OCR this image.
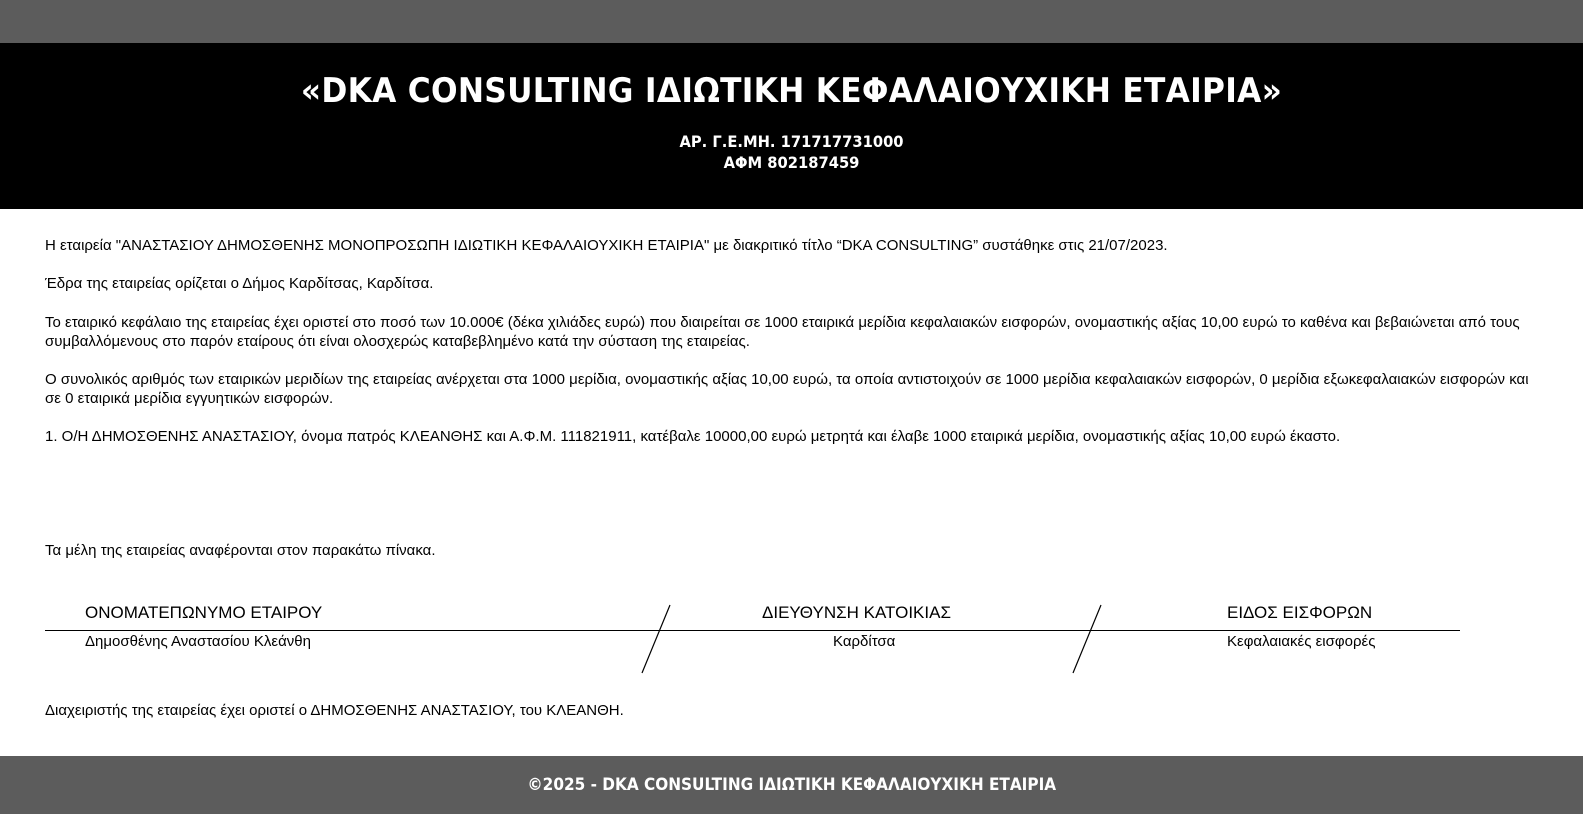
«DKA CONSULTING ΙΔΙΩΤΙΚΗ ΚΕΦΑΛΑΙΟΥΧΙΚΗ ΕΤΑΙΡΙΑ»
ΑΡ. Γ.Ε.ΜΗ. 171717731000
ΑΦΜ 802187459

Η εταιρεία "ΑΝΑΣΤΑΣΙΟΥ ΔΗΜΟΣΘΕΝΗΣ ΜΟΝΟΠΡΟΣΩΠΗ ΙΔΙΩΤΙΚΗ ΚΕΦΑΛΑΙΟΥΧΙΚΗ ΕΤΑΙΡΙΑ" με διακριτικό τίτλο “DKA CONSULTING” συστάθηκε στις 21/07/2023.

Έδρα της εταιρείας ορίζεται ο Δήμος Καρδίτσας, Καρδίτσα.

Το εταιρικό κεφάλαιο της εταιρείας έχει οριστεί στο ποσό των 10.000€ (δέκα χιλιάδες ευρώ) που διαιρείται σε 1000 εταιρικά μερίδια κεφαλαιακών εισφορών, ονομαστικής αξίας 10,00 ευρώ το καθένα και βεβαιώνεται από τους συμβαλλόμενους στο παρόν εταίρους ότι είναι ολοσχερώς καταβεβλημένο κατά την σύσταση της εταιρείας.

Ο συνολικός αριθμός των εταιρικών μεριδίων της εταιρείας ανέρχεται στα 1000 μερίδια, ονομαστικής αξίας 10,00 ευρώ, τα οποία αντιστοιχούν σε 1000 μερίδια κεφαλαιακών εισφορών, 0 μερίδια εξωκεφαλαιακών εισφορών και σε 0 εταιρικά μερίδια εγγυητικών εισφορών.

1. Ο/Η ΔΗΜΟΣΘΕΝΗΣ ΑΝΑΣΤΑΣΙΟΥ, όνομα πατρός ΚΛΕΑΝΘΗΣ και Α.Φ.Μ. 111821911, κατέβαλε 10000,00 ευρώ μετρητά και έλαβε 1000 εταιρικά μερίδια, ονομαστικής αξίας 10,00 ευρώ έκαστο.

Τα μέλη της εταιρείας αναφέρονται στον παρακάτω πίνακα.

Διαχειριστής της εταιρείας έχει οριστεί ο ΔΗΜΟΣΘΕΝΗΣ ΑΝΑΣΤΑΣΙΟΥ, του ΚΛΕΑΝΘΗ.

ΟΝΟΜΑΤΕΠΩΝΥΜΟ ΕΤΑΙΡΟΥ	ΔΙΕΥΘΥΝΣΗ ΚΑΤΟΙΚΙΑΣ	ΕΙΔΟΣ ΕΙΣΦΟΡΩΝ
Δημοσθένης Αναστασίου Κλεάνθη	Καρδίτσα	Κεφαλαιακές εισφορές
©2025 - DKA CONSULTING ΙΔΙΩΤΙΚΗ ΚΕΦΑΛΑΙΟΥΧΙΚΗ ΕΤΑΙΡΙΑ
